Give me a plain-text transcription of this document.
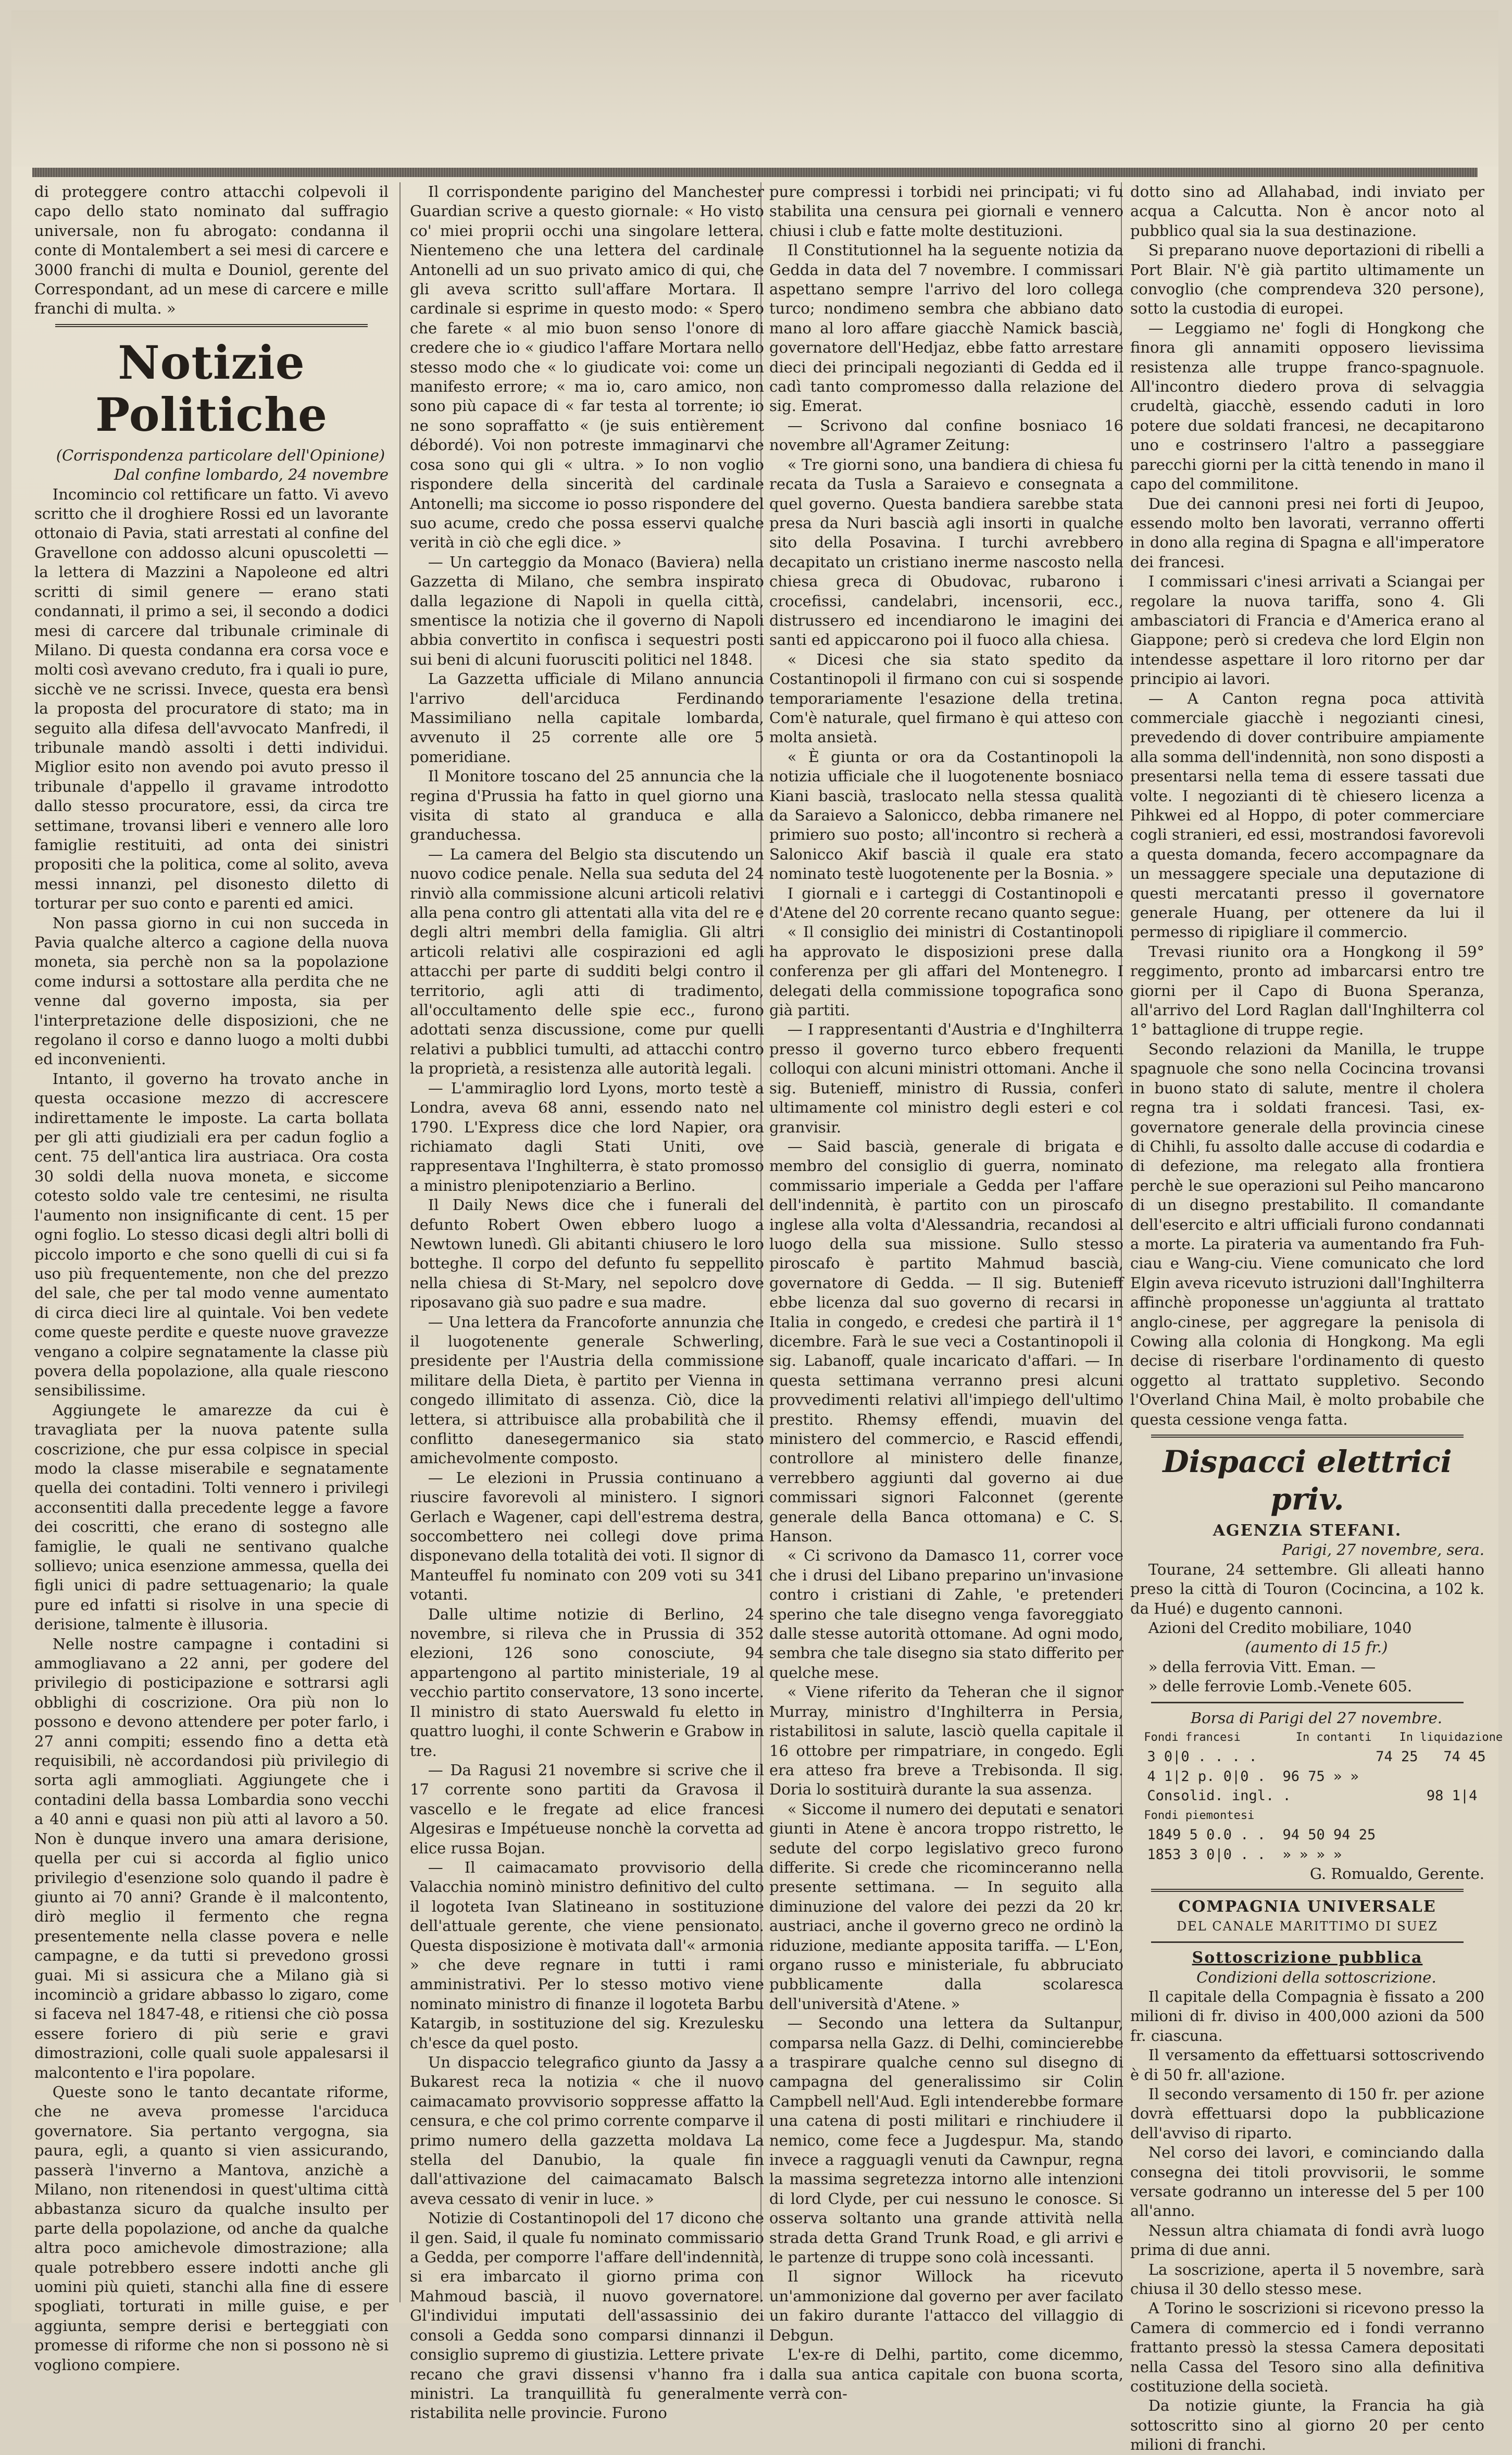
di proteggere contro attacchi colpevoli il capo dello stato nominato dal suffragio universale, non fu abrogato: condanna il conte di Montalembert a sei mesi di carcere e 3000 franchi di multa e Douniol, gerente del Correspondant, ad un mese di carcere e mille franchi di multa. »

Notizie Politiche

(Corrispondenza particolare dell'Opinione)

Dal confine lombardo, 24 novembre

Incomincio col rettificare un fatto. Vi avevo scritto che il droghiere Rossi ed un lavorante ottonaio di Pavia, stati arrestati al confine del Gravellone con addosso alcuni opuscoletti — la lettera di Mazzini a Napoleone ed altri scritti di simil genere — erano stati condannati, il primo a sei, il secondo a dodici mesi di carcere dal tribunale criminale di Milano. Di questa condanna era corsa voce e molti così avevano creduto, fra i quali io pure, sicchè ve ne scrissi. Invece, questa era bensì la proposta del procuratore di stato; ma in seguito alla difesa dell'avvocato Manfredi, il tribunale mandò assolti i detti individui. Miglior esito non avendo poi avuto presso il tribunale d'appello il gravame introdotto dallo stesso procuratore, essi, da circa tre settimane, trovansi liberi e vennero alle loro famiglie restituiti, ad onta dei sinistri propositi che la politica, come al solito, aveva messi innanzi, pel disonesto diletto di torturar per suo conto e parenti ed amici.

Non passa giorno in cui non succeda in Pavia qualche alterco a cagione della nuova moneta, sia perchè non sa la popolazione come indursi a sottostare alla perdita che ne venne dal governo imposta, sia per l'interpretazione delle disposizioni, che ne regolano il corso e danno luogo a molti dubbi ed inconvenienti.

Intanto, il governo ha trovato anche in questa occasione mezzo di accrescere indirettamente le imposte. La carta bollata per gli atti giudiziali era per cadun foglio a cent. 75 dell'antica lira austriaca. Ora costa 30 soldi della nuova moneta, e siccome cotesto soldo vale tre centesimi, ne risulta l'aumento non insignificante di cent. 15 per ogni foglio. Lo stesso dicasi degli altri bolli di piccolo importo e che sono quelli di cui si fa uso più frequentemente, non che del prezzo del sale, che per tal modo venne aumentato di circa dieci lire al quintale. Voi ben vedete come queste perdite e queste nuove gravezze vengano a colpire segnatamente la classe più povera della popolazione, alla quale riescono sensibilissime.

Aggiungete le amarezze da cui è travagliata per la nuova patente sulla coscrizione, che pur essa colpisce in special modo la classe miserabile e segnatamente quella dei contadini. Tolti vennero i privilegi acconsentiti dalla precedente legge a favore dei coscritti, che erano di sostegno alle famiglie, le quali ne sentivano qualche sollievo; unica esenzione ammessa, quella dei figli unici di padre settuagenario; la quale pure ed infatti si risolve in una specie di derisione, talmente è illusoria.

Nelle nostre campagne i contadini si ammogliavano a 22 anni, per godere del privilegio di posticipazione e sottrarsi agli obblighi di coscrizione. Ora più non lo possono e devono attendere per poter farlo, i 27 anni compiti; essendo fino a detta età requisibili, nè accordandosi più privilegio di sorta agli ammogliati. Aggiungete che i contadini della bassa Lombardia sono vecchi a 40 anni e quasi non più atti al lavoro a 50. Non è dunque invero una amara derisione, quella per cui si accorda al figlio unico privilegio d'esenzione solo quando il padre è giunto ai 70 anni? Grande è il malcontento, dirò meglio il fermento che regna presentemente nella classe povera e nelle campagne, e da tutti si prevedono grossi guai. Mi si assicura che a Milano già si incominciò a gridare abbasso lo zigaro, come si faceva nel 1847-48, e ritiensi che ciò possa essere foriero di più serie e gravi dimostrazioni, colle quali suole appalesarsi il malcontento e l'ira popolare.

Queste sono le tanto decantate riforme, che ne aveva promesse l'arciduca governatore. Sia pertanto vergogna, sia paura, egli, a quanto si vien assicurando, passerà l'inverno a Mantova, anzichè a Milano, non ritenendosi in quest'ultima città abbastanza sicuro da qualche insulto per parte della popolazione, od anche da qualche altra poco amichevole dimostrazione; alla quale potrebbero essere indotti anche gli uomini più quieti, stanchi alla fine di essere spogliati, torturati in mille guise, e per aggiunta, sempre derisi e berteggiati con promesse di riforme che non si possono nè si vogliono compiere.

Il corrispondente parigino del Manchester Guardian scrive a questo giornale: « Ho visto co' miei proprii occhi una singolare lettera. Nientemeno che una lettera del cardinale Antonelli ad un suo privato amico di qui, che gli aveva scritto sull'affare Mortara. Il cardinale si esprime in questo modo: « Spero che farete « al mio buon senso l'onore di credere che io « giudico l'affare Mortara nello stesso modo che « lo giudicate voi: come un manifesto errore; « ma io, caro amico, non sono più capace di « far testa al torrente; io ne sono sopraffatto « (je suis entièrement débordé). Voi non potreste immaginarvi che cosa sono qui gli « ultra. » Io non voglio rispondere della sincerità del cardinale Antonelli; ma siccome io posso rispondere del suo acume, credo che possa esservi qualche verità in ciò che egli dice. »

— Un carteggio da Monaco (Baviera) nella Gazzetta di Milano, che sembra inspirato dalla legazione di Napoli in quella città, smentisce la notizia che il governo di Napoli abbia convertito in confisca i sequestri posti sui beni di alcuni fuorusciti politici nel 1848.

La Gazzetta ufficiale di Milano annuncia l'arrivo dell'arciduca Ferdinando Massimiliano nella capitale lombarda, avvenuto il 25 corrente alle ore 5 pomeridiane.

Il Monitore toscano del 25 annuncia che la regina d'Prussia ha fatto in quel giorno una visita di stato al granduca e alla granduchessa.

— La camera del Belgio sta discutendo un nuovo codice penale. Nella sua seduta del 24 rinviò alla commissione alcuni articoli relativi alla pena contro gli attentati alla vita del re e degli altri membri della famiglia. Gli altri articoli relativi alle cospirazioni ed agli attacchi per parte di sudditi belgi contro il territorio, agli atti di tradimento, all'occultamento delle spie ecc., furono adottati senza discussione, come pur quelli relativi a pubblici tumulti, ad attacchi contro la proprietà, a resistenza alle autorità legali.

— L'ammiraglio lord Lyons, morto testè a Londra, aveva 68 anni, essendo nato nel 1790. L'Express dice che lord Napier, ora richiamato dagli Stati Uniti, ove rappresentava l'Inghilterra, è stato promosso a ministro plenipotenziario a Berlino.

Il Daily News dice che i funerali del defunto Robert Owen ebbero luogo a Newtown lunedì. Gli abitanti chiusero le loro botteghe. Il corpo del defunto fu seppellito nella chiesa di St-Mary, nel sepolcro dove riposavano già suo padre e sua madre.

— Una lettera da Francoforte annunzia che il luogotenente generale Schwerling, presidente per l'Austria della commissione militare della Dieta, è partito per Vienna in congedo illimitato di assenza. Ciò, dice la lettera, si attribuisce alla probabilità che il conflitto danesegermanico sia stato amichevolmente composto.

— Le elezioni in Prussia continuano a riuscire favorevoli al ministero. I signori Gerlach e Wagener, capi dell'estrema destra, soccombettero nei collegi dove prima disponevano della totalità dei voti. Il signor di Manteuffel fu nominato con 209 voti su 341 votanti.

Dalle ultime notizie di Berlino, 24 novembre, si rileva che in Prussia di 352 elezioni, 126 sono conosciute, 94 appartengono al partito ministeriale, 19 al vecchio partito conservatore, 13 sono incerte. Il ministro di stato Auerswald fu eletto in quattro luoghi, il conte Schwerin e Grabow in tre.

— Da Ragusi 21 novembre si scrive che il 17 corrente sono partiti da Gravosa il vascello e le fregate ad elice francesi Algesiras e Impétueuse nonchè la corvetta ad elice russa Bojan.

— Il caimacamato provvisorio della Valacchia nominò ministro definitivo del culto il logoteta Ivan Slatineano in sostituzione dell'attuale gerente, che viene pensionato. Questa disposizione è motivata dall'« armonia » che deve regnare in tutti i rami amministrativi. Per lo stesso motivo viene nominato ministro di finanze il logoteta Barbu Katargib, in sostituzione del sig. Krezulesku ch'esce da quel posto.

Un dispaccio telegrafico giunto da Jassy a Bukarest reca la notizia « che il nuovo caimacamato provvisorio soppresse affatto la censura, e che col primo corrente comparve il primo numero della gazzetta moldava La stella del Danubio, la quale fin dall'attivazione del caimacamato Balsch aveva cessato di venir in luce. »

Notizie di Costantinopoli del 17 dicono che il gen. Said, il quale fu nominato commissario a Gedda, per comporre l'affare dell'indennità, si era imbarcato il giorno prima con Mahmoud bascià, il nuovo governatore. Gl'individui imputati dell'assassinio dei consoli a Gedda sono comparsi dinnanzi il consiglio supremo di giustizia. Lettere private recano che gravi dissensi v'hanno fra i ministri. La tranquillità fu generalmente ristabilita nelle provincie. Furono

pure compressi i torbidi nei principati; vi fu stabilita una censura pei giornali e vennero chiusi i club e fatte molte destituzioni.

Il Constitutionnel ha la seguente notizia da Gedda in data del 7 novembre. I commissari aspettano sempre l'arrivo del loro collega turco; nondimeno sembra che abbiano dato mano al loro affare giacchè Namick bascià, governatore dell'Hedjaz, ebbe fatto arrestare dieci dei principali negozianti di Gedda ed il cadì tanto compromesso dalla relazione del sig. Emerat.

— Scrivono dal confine bosniaco 16 novembre all'Agramer Zeitung:

« Tre giorni sono, una bandiera di chiesa fu recata da Tusla a Saraievo e consegnata a quel governo. Questa bandiera sarebbe stata presa da Nuri bascià agli insorti in qualche sito della Posavina. I turchi avrebbero decapitato un cristiano inerme nascosto nella chiesa greca di Obudovac, rubarono i crocefissi, candelabri, incensorii, ecc., distrussero ed incendiarono le imagini dei santi ed appiccarono poi il fuoco alla chiesa.

« Dicesi che sia stato spedito da Costantinopoli il firmano con cui si sospende temporariamente l'esazione della tretina. Com'è naturale, quel firmano è qui atteso con molta ansietà.

« È giunta or ora da Costantinopoli la notizia ufficiale che il luogotenente bosniaco Kiani bascià, traslocato nella stessa qualità da Saraievo a Salonicco, debba rimanere nel primiero suo posto; all'incontro si recherà a Salonicco Akif bascià il quale era stato nominato testè luogotenente per la Bosnia. »

I giornali e i carteggi di Costantinopoli e d'Atene del 20 corrente recano quanto segue:

« Il consiglio dei ministri di Costantinopoli ha approvato le disposizioni prese dalla conferenza per gli affari del Montenegro. I delegati della commissione topografica sono già partiti.

— I rappresentanti d'Austria e d'Inghilterra presso il governo turco ebbero frequenti colloqui con alcuni ministri ottomani. Anche il sig. Butenieff, ministro di Russia, conferì ultimamente col ministro degli esteri e col granvisir.

— Said bascià, generale di brigata e membro del consiglio di guerra, nominato commissario imperiale a Gedda per l'affare dell'indennità, è partito con un piroscafo inglese alla volta d'Alessandria, recandosi al luogo della sua missione. Sullo stesso piroscafo è partito Mahmud bascià, governatore di Gedda. — Il sig. Butenieff ebbe licenza dal suo governo di recarsi in Italia in congedo, e credesi che partirà il 1° dicembre. Farà le sue veci a Costantinopoli il sig. Labanoff, quale incaricato d'affari. — In questa settimana verranno presi alcuni provvedimenti relativi all'impiego dell'ultimo prestito. Rhemsy effendi, muavin del ministero del commercio, e Rascid effendi, controllore al ministero delle finanze, verrebbero aggiunti dal governo ai due commissari signori Falconnet (gerente generale della Banca ottomana) e C. S. Hanson.

« Ci scrivono da Damasco 11, correr voce che i drusi del Libano preparino un'invasione contro i cristiani di Zahle, 'e pretenderi sperino che tale disegno venga favoreggiato dalle stesse autorità ottomane. Ad ogni modo, sembra che tale disegno sia stato differito per quelche mese.

« Viene riferito da Teheran che il signor Murray, ministro d'Inghilterra in Persia, ristabilitosi in salute, lasciò quella capitale il 16 ottobre per rimpatriare, in congedo. Egli era atteso fra breve a Trebisonda. Il sig. Doria lo sostituirà durante la sua assenza.

« Siccome il numero dei deputati e senatori giunti in Atene è ancora troppo ristretto, le sedute del corpo legislativo greco furono differite. Si crede che ricominceranno nella presente settimana. — In seguito alla diminuzione del valore dei pezzi da 20 kr. austriaci, anche il governo greco ne ordinò la riduzione, mediante apposita tariffa. — L'Eon, organo russo e ministeriale, fu abbruciato pubblicamente dalla scolaresca dell'università d'Atene. »

— Secondo una lettera da Sultanpur, comparsa nella Gazz. di Delhi, comincierebbe a traspirare qualche cenno sul disegno di campagna del generalissimo sir Colin Campbell nell'Aud. Egli intenderebbe formare una catena di posti militari e rinchiudere il nemico, come fece a Jugdespur. Ma, stando invece a ragguagli venuti da Cawnpur, regna la massima segretezza intorno alle intenzioni di lord Clyde, per cui nessuno le conosce. Si osserva soltanto una grande attività nella strada detta Grand Trunk Road, e gli arrivi e le partenze di truppe sono colà incessanti.

Il signor Willock ha ricevuto un'ammonizione dal governo per aver facilato un fakiro durante l'attacco del villaggio di Debgun.

L'ex-re di Delhi, partito, come dicemmo, dalla sua antica capitale con buona scorta, verrà con-

dotto sino ad Allahabad, indi inviato per acqua a Calcutta. Non è ancor noto al pubblico qual sia la sua destinazione.

Si preparano nuove deportazioni di ribelli a Port Blair. N'è già partito ultimamente un convoglio (che comprendeva 320 persone), sotto la custodia di europei.

— Leggiamo ne' fogli di Hongkong che finora gli annamiti opposero lievissima resistenza alle truppe franco-spagnuole. All'incontro diedero prova di selvaggia crudeltà, giacchè, essendo caduti in loro potere due soldati francesi, ne decapitarono uno e costrinsero l'altro a passeggiare parecchi giorni per la città tenendo in mano il capo del commilitone.

Due dei cannoni presi nei forti di Jeupoo, essendo molto ben lavorati, verranno offerti in dono alla regina di Spagna e all'imperatore dei francesi.

I commissari c'inesi arrivati a Sciangai per regolare la nuova tariffa, sono 4. Gli ambasciatori di Francia e d'America erano al Giappone; però si credeva che lord Elgin non intendesse aspettare il loro ritorno per dar principio ai lavori.

— A Canton regna poca attività commerciale giacchè i negozianti cinesi, prevedendo di dover contribuire ampiamente alla somma dell'indennità, non sono disposti a presentarsi nella tema di essere tassati due volte. I negozianti di tè chiesero licenza a Pihkwei ed al Hoppo, di poter commerciare cogli stranieri, ed essi, mostrandosi favorevoli a questa domanda, fecero accompagnare da un messaggere speciale una deputazione di questi mercatanti presso il governatore generale Huang, per ottenere da lui il permesso di ripigliare il commercio.

Trevasi riunito ora a Hongkong il 59° reggimento, pronto ad imbarcarsi entro tre giorni per il Capo di Buona Speranza, all'arrivo del Lord Raglan dall'Inghilterra col 1° battaglione di truppe regie.

Secondo relazioni da Manilla, le truppe spagnuole che sono nella Cocincina trovansi in buono stato di salute, mentre il cholera regna tra i soldati francesi. Tasi, ex-governatore generale della provincia cinese di Chihli, fu assolto dalle accuse di codardia e di defezione, ma relegato alla frontiera perchè le sue operazioni sul Peiho mancarono di un disegno prestabilito. Il comandante dell'esercito e altri ufficiali furono condannati a morte. La pirateria va aumentando fra Fuh-ciau e Wang-ciu. Viene comunicato che lord Elgin aveva ricevuto istruzioni dall'Inghilterra affinchè proponesse un'aggiunta al trattato anglo-cinese, per aggregare la penisola di Cowing alla colonia di Hongkong. Ma egli decise di riserbare l'ordinamento di questo oggetto al trattato suppletivo. Secondo l'Overland China Mail, è molto probabile che questa cessione venga fatta.

Dispacci elettrici priv.
AGENZIA STEFANI.

Parigi, 27 novembre, sera.

Tourane, 24 settembre. Gli alleati hanno preso la città di Touron (Cocincina, a 102 k. da Hué) e dugento cannoni.

Azioni del Credito mobiliare, 1040

(aumento di 15 fr.)

» della ferrovia Vitt. Eman. —

» delle ferrovie Lomb.-Venete 605.

Borsa di Parigi del 27 novembre.

Fondi francesi        In contanti    In liquidazione

3 0|0 . . . .              74 25   74 45

4 1|2 p. 0|0 .  96 75 » »

Consolid. ingl. .                98 1|4

Fondi piemontesi

1849 5 0.0 . .  94 50 94 25

1853 3 0|0 . .  » » » »

G. Romualdo, Gerente.

COMPAGNIA UNIVERSALE
DEL CANALE MARITTIMO DI SUEZ
Sottoscrizione pubblica

Condizioni della sottoscrizione.

Il capitale della Compagnia è fissato a 200 milioni di fr. diviso in 400,000 azioni da 500 fr. ciascuna.

Il versamento da effettuarsi sottoscrivendo è di 50 fr. all'azione.

Il secondo versamento di 150 fr. per azione dovrà effettuarsi dopo la pubblicazione dell'avviso di riparto.

Nel corso dei lavori, e cominciando dalla consegna dei titoli provvisorii, le somme versate godranno un interesse del 5 per 100 all'anno.

Nessun altra chiamata di fondi avrà luogo prima di due anni.

La soscrizione, aperta il 5 novembre, sarà chiusa il 30 dello stesso mese.

A Torino le soscrizioni si ricevono presso la Camera di commercio ed i fondi verranno frattanto pressò la stessa Camera depositati nella Cassa del Tesoro sino alla definitiva costituzione della società.

Da notizie giunte, la Francia ha già sottoscritto sino al giorno 20 per cento milioni di franchi.
